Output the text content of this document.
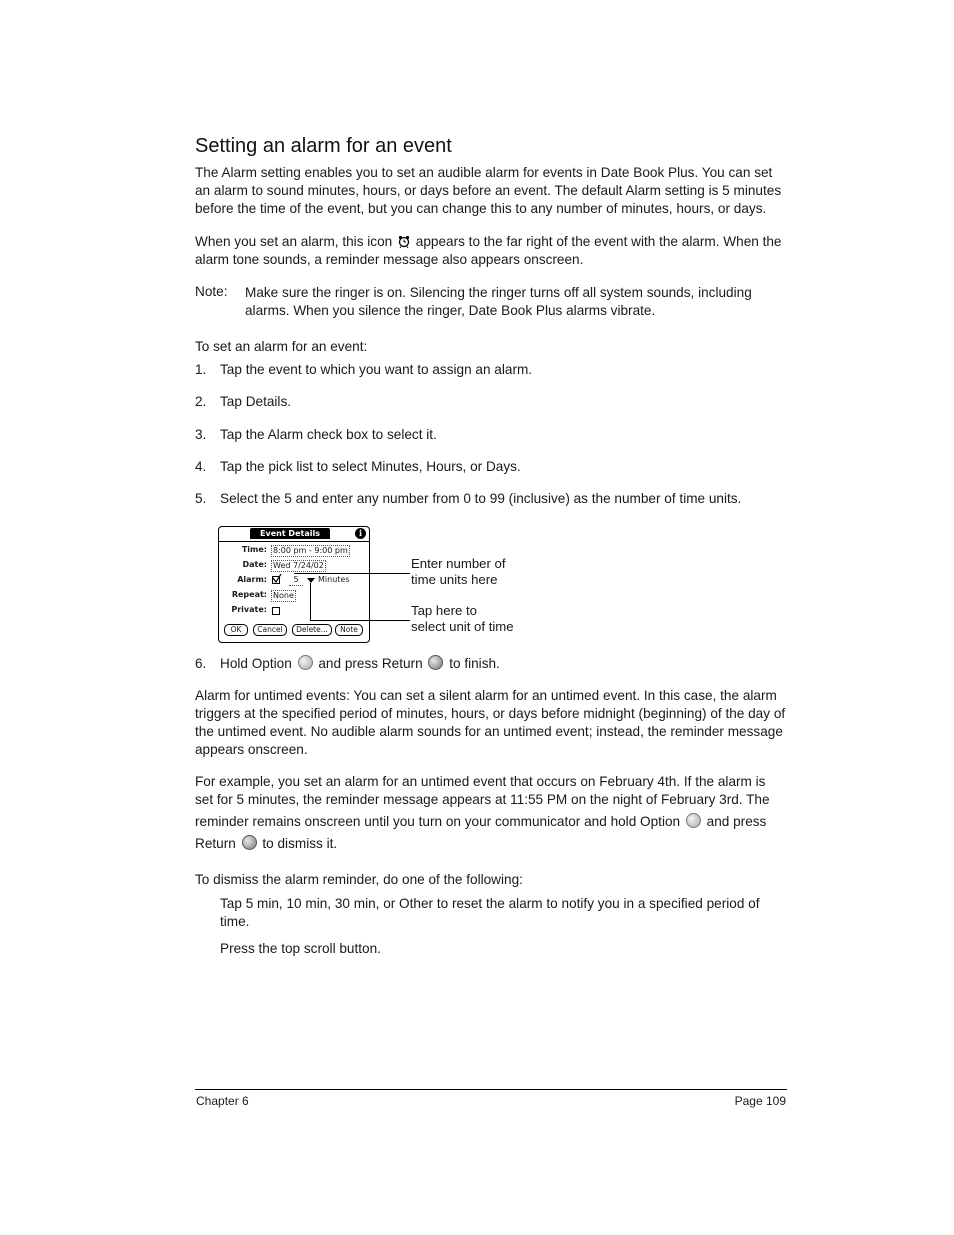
Setting an alarm for an event
The Alarm setting enables you to set an audible alarm for events in Date Book Plus. You can set an alarm to sound minutes, hours, or days before an event. The default Alarm setting is 5 minutes before the time of the event, but you can change this to any number of minutes, hours, or days.
When you set an alarm, this icon appears to the far right of the event with the alarm. When the alarm tone sounds, a reminder message also appears onscreen.
Note: Make sure the ringer is on. Silencing the ringer turns off all system sounds, including alarms. When you silence the ringer, Date Book Plus alarms vibrate.
To set an alarm for an event:
1. Tap the event to which you want to assign an alarm.
2. Tap Details.
3. Tap the Alarm check box to select it.
4. Tap the pick list to select Minutes, Hours, or Days.
5. Select the 5 and enter any number from 0 to 99 (inclusive) as the number of time units.
Event Details	i
Time: 8:00 pm - 9:00 pm
Date: Wed 7/24/02
Alarm:	5	Minutes
Repeat: None
Private:
OK	Cancel	Delete...	Note
Enter number of
time units here
Tap here to
select unit of time
6. Hold Option and press Return to finish.
Alarm for untimed events: You can set a silent alarm for an untimed event. In this case, the alarm triggers at the specified period of minutes, hours, or days before midnight (beginning) of the day of the untimed event. No audible alarm sounds for an untimed event; instead, the reminder message appears onscreen.
For example, you set an alarm for an untimed event that occurs on February 4th. If the alarm is
set for 5 minutes, the reminder message appears at 11:55 PM on the night of February 3rd. The
reminder remains onscreen until you turn on your communicator and hold Option and press
Return to dismiss it.
To dismiss the alarm reminder, do one of the following:
Tap 5 min, 10 min, 30 min, or Other to reset the alarm to notify you in a specified period of time.
Press the top scroll button.
Chapter 6	Page 109
